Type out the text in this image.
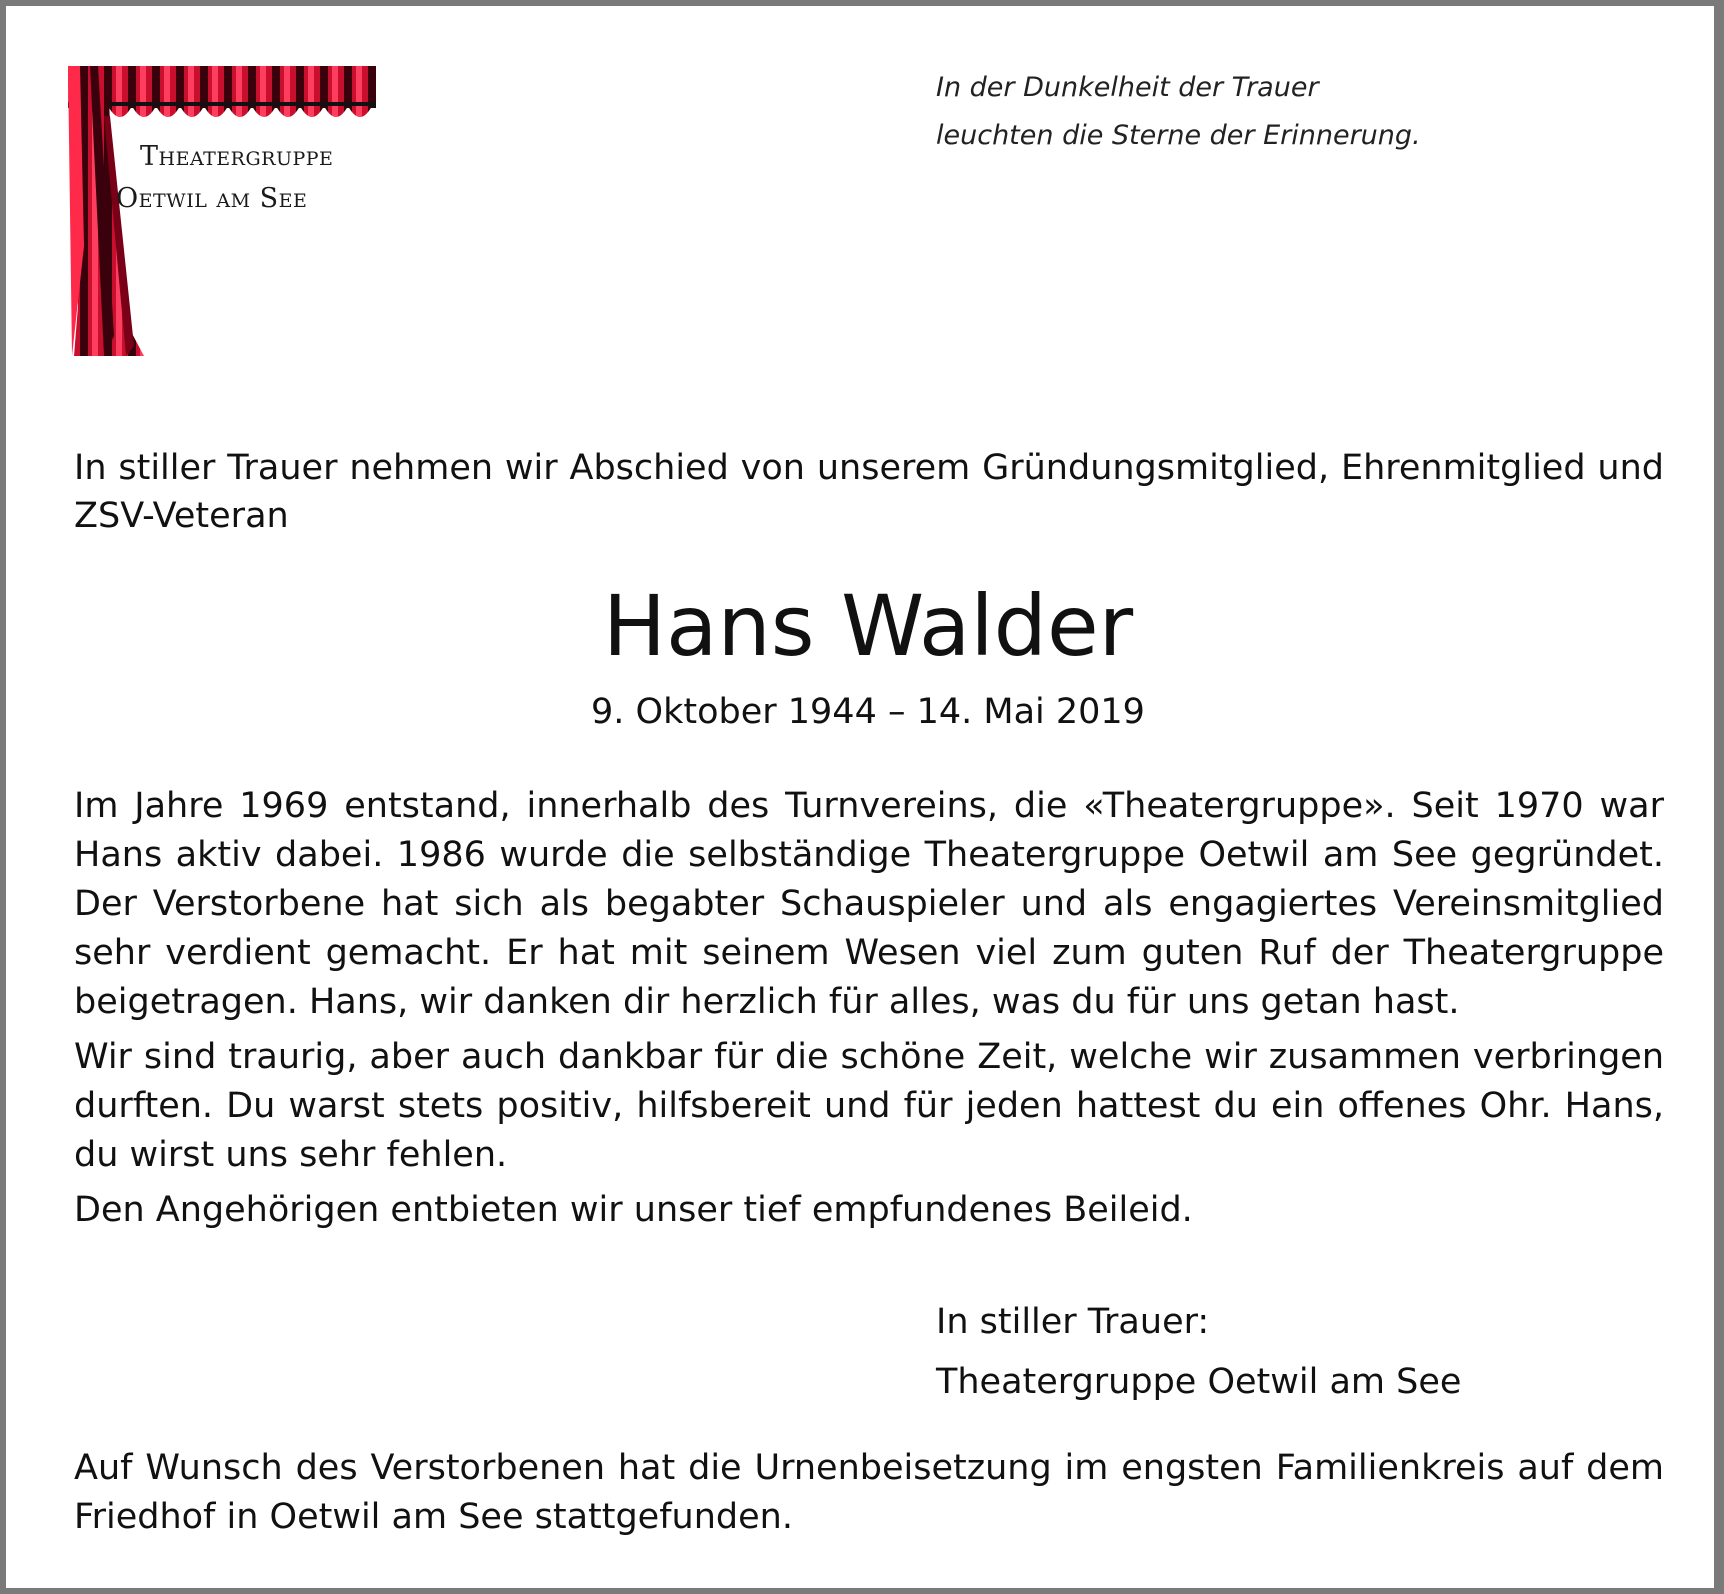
Theatergruppe
Oetwil am See
In der Dunkelheit der Trauer
leuchten die Sterne der Erinnerung.
In stiller Trauer nehmen wir Abschied von unserem Gründungsmitglied, Ehrenmitglied und ZSV-Veteran
Hans Walder
9. Oktober 1944 – 14. Mai 2019

Im Jahre 1969 entstand, innerhalb des Turnvereins, die «Theatergruppe». Seit 1970 war Hans aktiv dabei. 1986 wurde die selbständige Theatergruppe Oetwil am See gegründet. Der Verstorbene hat sich als begabter Schauspieler und als engagiertes Vereinsmitglied sehr verdient gemacht. Er hat mit seinem Wesen viel zum guten Ruf der Theatergruppe beigetragen. Hans, wir danken dir herzlich für alles, was du für uns getan hast.

Wir sind traurig, aber auch dankbar für die schöne Zeit, welche wir zusammen verbringen durften. Du warst stets positiv, hilfsbereit und für jeden hattest du ein offenes Ohr. Hans, du wirst uns sehr fehlen.

Den Angehörigen entbieten wir unser tief empfundenes Beileid.

In stiller Trauer:
Theatergruppe Oetwil am See
Auf Wunsch des Verstorbenen hat die Urnenbeisetzung im engsten Familienkreis auf dem Friedhof in Oetwil am See stattgefunden.
